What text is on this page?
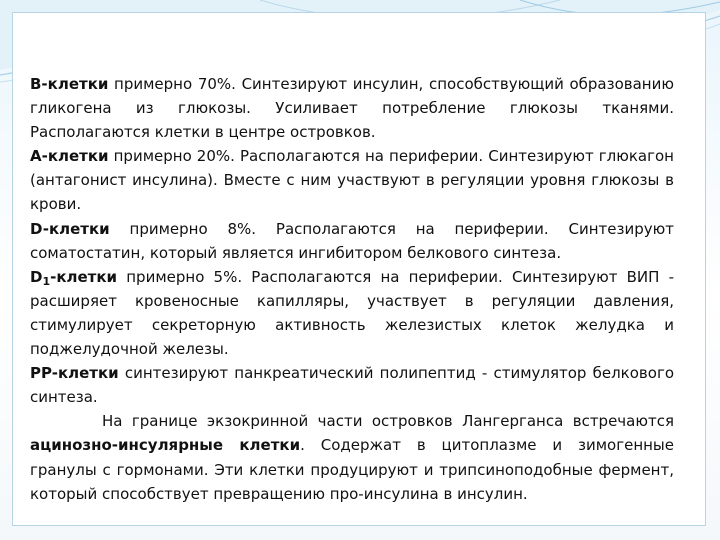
B-клетки примерно 70%. Синтезируют инсулин, способствующий образованию гликогена из глюкозы. Усиливает потребление глюкозы тканями. Располагаются клетки в центре островков.

А-клетки примерно 20%. Располагаются на периферии. Синтезируют глюкагон (антагонист инсулина). Вместе с ним участвуют в регуляции уровня глюкозы в крови.

D-клетки примерно 8%. Располагаются на периферии. Синтезируют соматостатин, который является ингибитором белкового синтеза.

$D_1$-клетки примерно 5%. Располагаются на периферии. Синтезируют ВИП - расширяет кровеносные капилляры, участвует в регуляции давления, стимулирует секреторную активность железистых клеток желудка и поджелудочной железы.

PP-клетки синтезируют панкреатический полипептид - стимулятор белкового синтеза.

На границе экзокринной части островков Лангерганса встречаются ацинозно-инсулярные клетки. Содержат в цитоплазме и зимогенные гранулы с гормонами. Эти клетки продуцируют и трипсиноподобные фермент, который способствует превращению про-инсулина в инсулин.
